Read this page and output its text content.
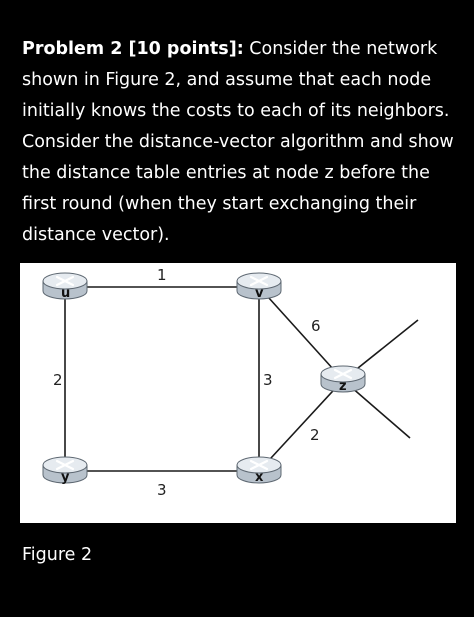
Problem 2 [10 points]: Consider the network shown in Figure 2, and assume that each node initially knows the costs to each of its neighbors. Consider the distance-vector algorithm and show the distance table entries at node z before the first round (when they start exchanging their distance vector).

1
2
3
3
6
2
u	v
y	x
z
Figure 2
